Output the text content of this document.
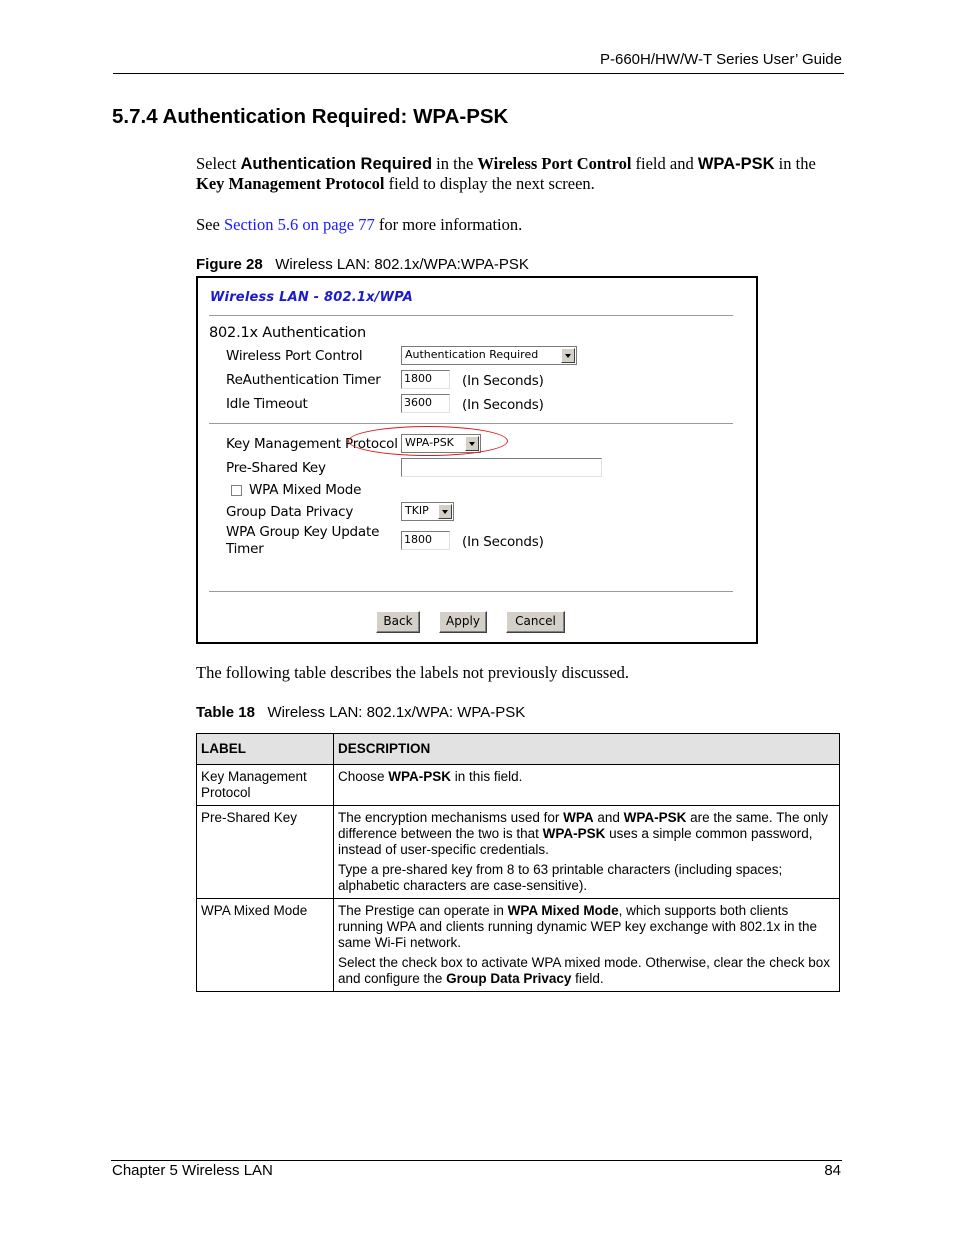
P-660H/HW/W-T Series User’ Guide
5.7.4 Authentication Required: WPA-PSK
Select Authentication Required in the Wireless Port Control field and WPA-PSK in the Key Management Protocol field to display the next screen.
See Section 5.6 on page 77 for more information.
Figure 28 Wireless LAN: 802.1x/WPA:WPA-PSK
Wireless LAN - 802.1x/WPA
802.1x Authentication
Wireless Port Control	Authentication Required
ReAuthentication Timer 1800	(In Seconds)
Idle Timeout	3600	(In Seconds)
Key Management Protocol WPA-PSK
Pre-Shared Key
WPA Mixed Mode
Group Data Privacy	TKIP
WPA Group Key Update
Timer
1800	(In Seconds)
Back	Apply	Cancel
The following table describes the labels not previously discussed.
Table 18 Wireless LAN: 802.1x/WPA: WPA-PSK
LABEL	DESCRIPTION
Key Management Protocol	Choose WPA-PSK in this field.

Pre-Shared Key	The encryption mechanisms used for WPA and WPA-PSK are the same. The only difference between the two is that WPA-PSK uses a simple common password, instead of user-specific credentials.

Type a pre-shared key from 8 to 63 printable characters (including spaces; alphabetic characters are case-sensitive).

WPA Mixed Mode	The Prestige can operate in WPA Mixed Mode, which supports both clients running WPA and clients running dynamic WEP key exchange with 802.1x in the same Wi-Fi network.

Select the check box to activate WPA mixed mode. Otherwise, clear the check box and configure the Group Data Privacy field.

Chapter 5 Wireless LAN	84
